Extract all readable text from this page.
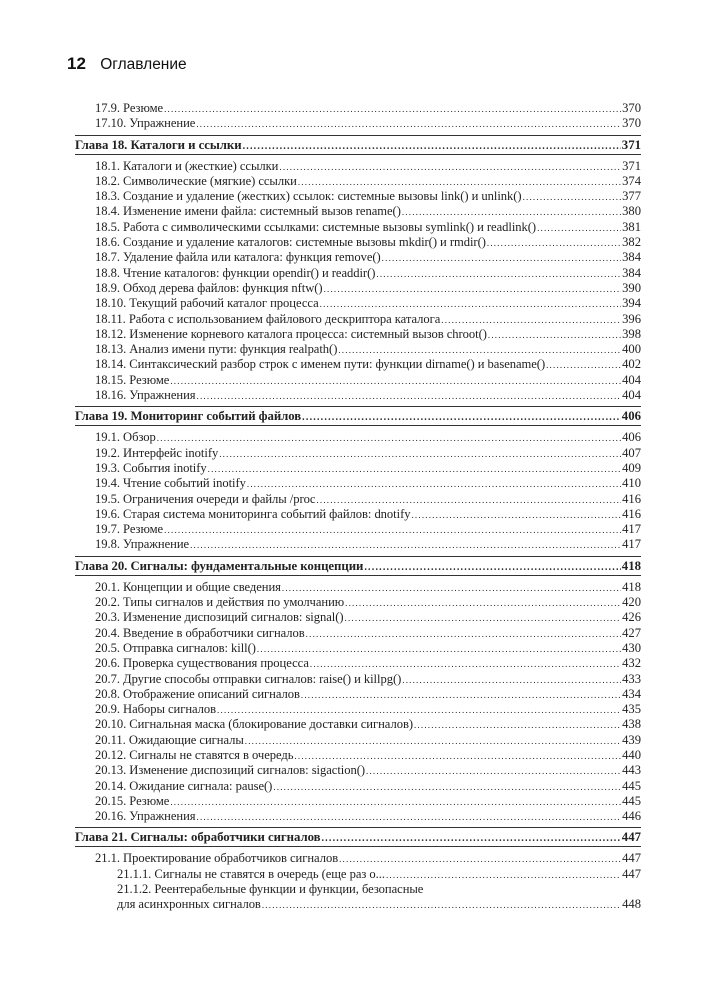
12 Оглавление
17.9. Резюме .....	370
17.10. Упражнение .....	370
Глава 18. Каталоги и ссылки .....	371
18.1. Каталоги и (жесткие) ссылки .....	371
18.2. Символические (мягкие) ссылки .....	374
18.3. Создание и удаление (жестких) ссылок: системные вызовы link() и unlink() .....	377
18.4. Изменение имени файла: системный вызов rename() .....	380
18.5. Работа с символическими ссылками: системные вызовы symlink() и readlink() .....	381
18.6. Создание и удаление каталогов: системные вызовы mkdir() и rmdir() .....	382
18.7. Удаление файла или каталога: функция remove() .....	384
18.8. Чтение каталогов: функции opendir() и readdir() .....	384
18.9. Обход дерева файлов: функция nftw() .....	390
18.10. Текущий рабочий каталог процесса .....	394
18.11. Работа с использованием файлового дескриптора каталога .....	396
18.12. Изменение корневого каталога процесса: системный вызов chroot() .....	398
18.13. Анализ имени пути: функция realpath() .....	400
18.14. Синтаксический разбор строк с именем пути: функции dirname() и basename() .....	402
18.15. Резюме .....	404
18.16. Упражнения .....	404
Глава 19. Мониторинг событий файлов .....	406
19.1. Обзор .....	406
19.2. Интерфейс inotify .....	407
19.3. События inotify .....	409
19.4. Чтение событий inotify .....	410
19.5. Ограничения очереди и файлы /proc .....	416
19.6. Старая система мониторинга событий файлов: dnotify .....	416
19.7. Резюме .....	417
19.8. Упражнение .....	417
Глава 20. Сигналы: фундаментальные концепции .....	418
20.1. Концепции и общие сведения .....	418
20.2. Типы сигналов и действия по умолчанию .....	420
20.3. Изменение диспозиций сигналов: signal() .....	426
20.4. Введение в обработчики сигналов .....	427
20.5. Отправка сигналов: kill() .....	430
20.6. Проверка существования процесса .....	432
20.7. Другие способы отправки сигналов: raise() и killpg() .....	433
20.8. Отображение описаний сигналов .....	434
20.9. Наборы сигналов .....	435
20.10. Сигнальная маска (блокирование доставки сигналов) .....	438
20.11. Ожидающие сигналы .....	439
20.12. Сигналы не ставятся в очередь .....	440
20.13. Изменение диспозиций сигналов: sigaction() .....	443
20.14. Ожидание сигнала: pause() .....	445
20.15. Резюме .....	445
20.16. Упражнения .....	446
Глава 21. Сигналы: обработчики сигналов .....	447
21.1. Проектирование обработчиков сигналов .....	447
21.1.1. Сигналы не ставятся в очередь (еще раз о... .....	447
21.1.2. Реентерабельные функции и функции, безопасные
для асинхронных сигналов .....	448
